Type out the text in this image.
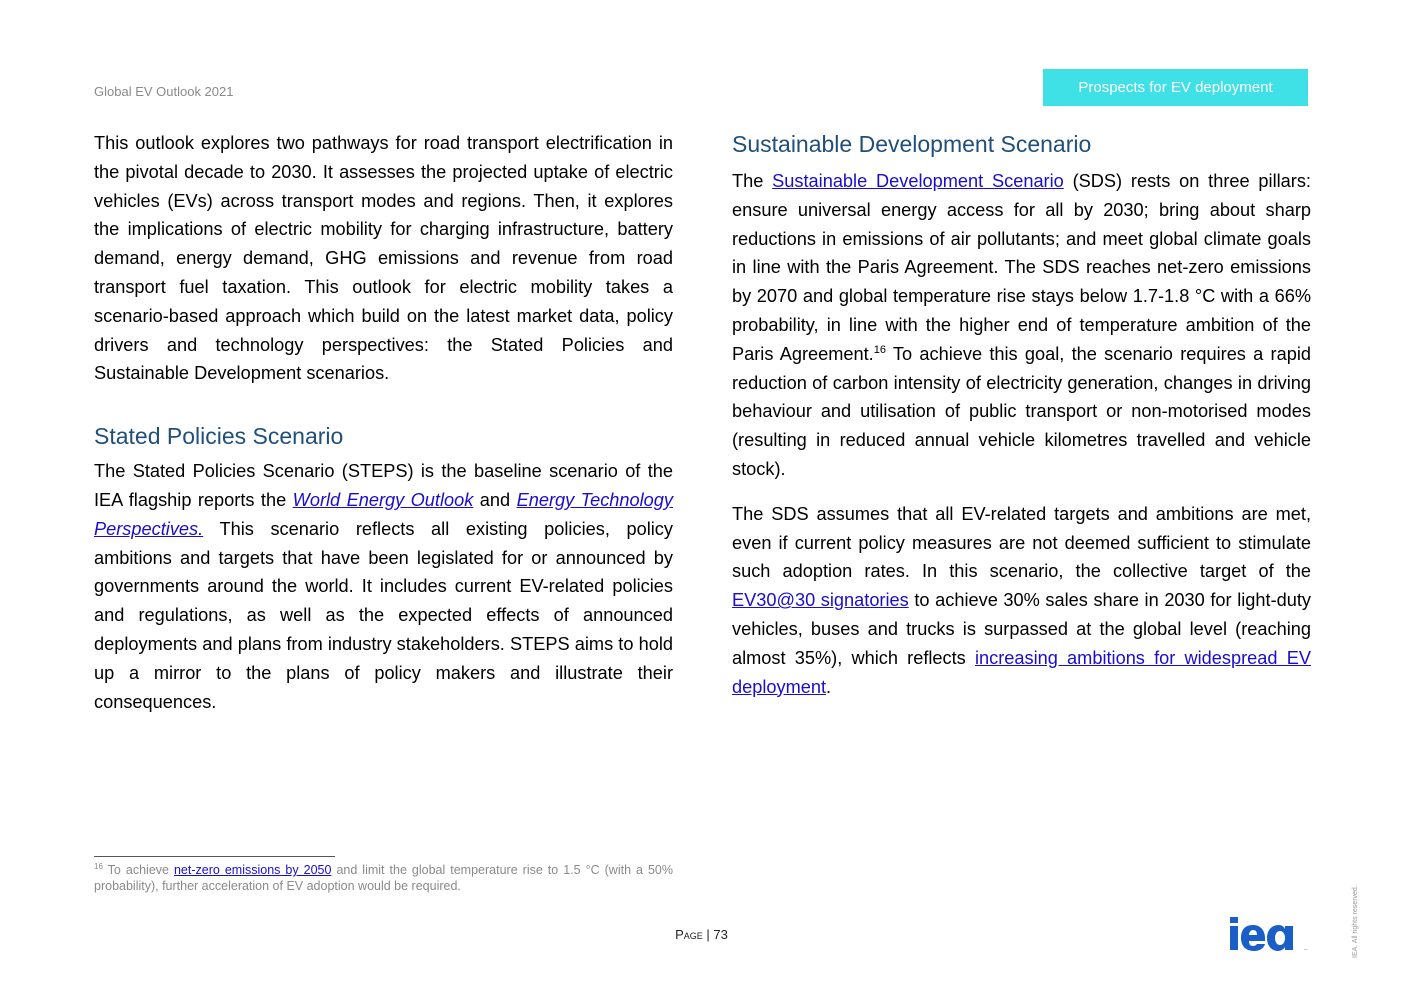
Global EV Outlook 2021	Prospects for EV deployment

This outlook explores two pathways for road transport electrification in the pivotal decade to 2030. It assesses the projected uptake of electric vehicles (EVs) across transport modes and regions. Then, it explores the implications of electric mobility for charging infrastructure, battery demand, energy demand, GHG emissions and revenue from road transport fuel taxation. This outlook for electric mobility takes a scenario-based approach which build on the latest market data, policy drivers and technology perspectives: the Stated Policies and Sustainable Development scenarios.

Stated Policies Scenario

The Stated Policies Scenario (STEPS) is the baseline scenario of the IEA flagship reports the World Energy Outlook and Energy Technology Perspectives. This scenario reflects all existing policies, policy ambitions and targets that have been legislated for or announced by governments around the world. It includes current EV-related policies and regulations, as well as the expected effects of announced deployments and plans from industry stakeholders. STEPS aims to hold up a mirror to the plans of policy makers and illustrate their consequences.

Sustainable Development Scenario

The Sustainable Development Scenario (SDS) rests on three pillars: ensure universal energy access for all by 2030; bring about sharp reductions in emissions of air pollutants; and meet global climate goals in line with the Paris Agreement. The SDS reaches net-zero emissions by 2070 and global temperature rise stays below 1.7-1.8 °C with a 66% probability, in line with the higher end of temperature ambition of the Paris Agreement.$^{16}$ To achieve this goal, the scenario requires a rapid reduction of carbon intensity of electricity generation, changes in driving behaviour and utilisation of public transport or non-motorised modes (resulting in reduced annual vehicle kilometres travelled and vehicle stock).

The SDS assumes that all EV-related targets and ambitions are met, even if current policy measures are not deemed sufficient to stimulate such adoption rates. In this scenario, the collective target of the EV30@30 signatories to achieve 30% sales share in 2030 for light-duty vehicles, buses and trucks is surpassed at the global level (reaching almost 35%), which reflects increasing ambitions for widespread EV deployment.

$^{16}$ To achieve net-zero emissions by 2050 and limit the global temperature rise to 1.5 °C (with a 50% probability), further acceleration of EV adoption would be required.
Page | 73
iea	IEA. All rights reserved.
